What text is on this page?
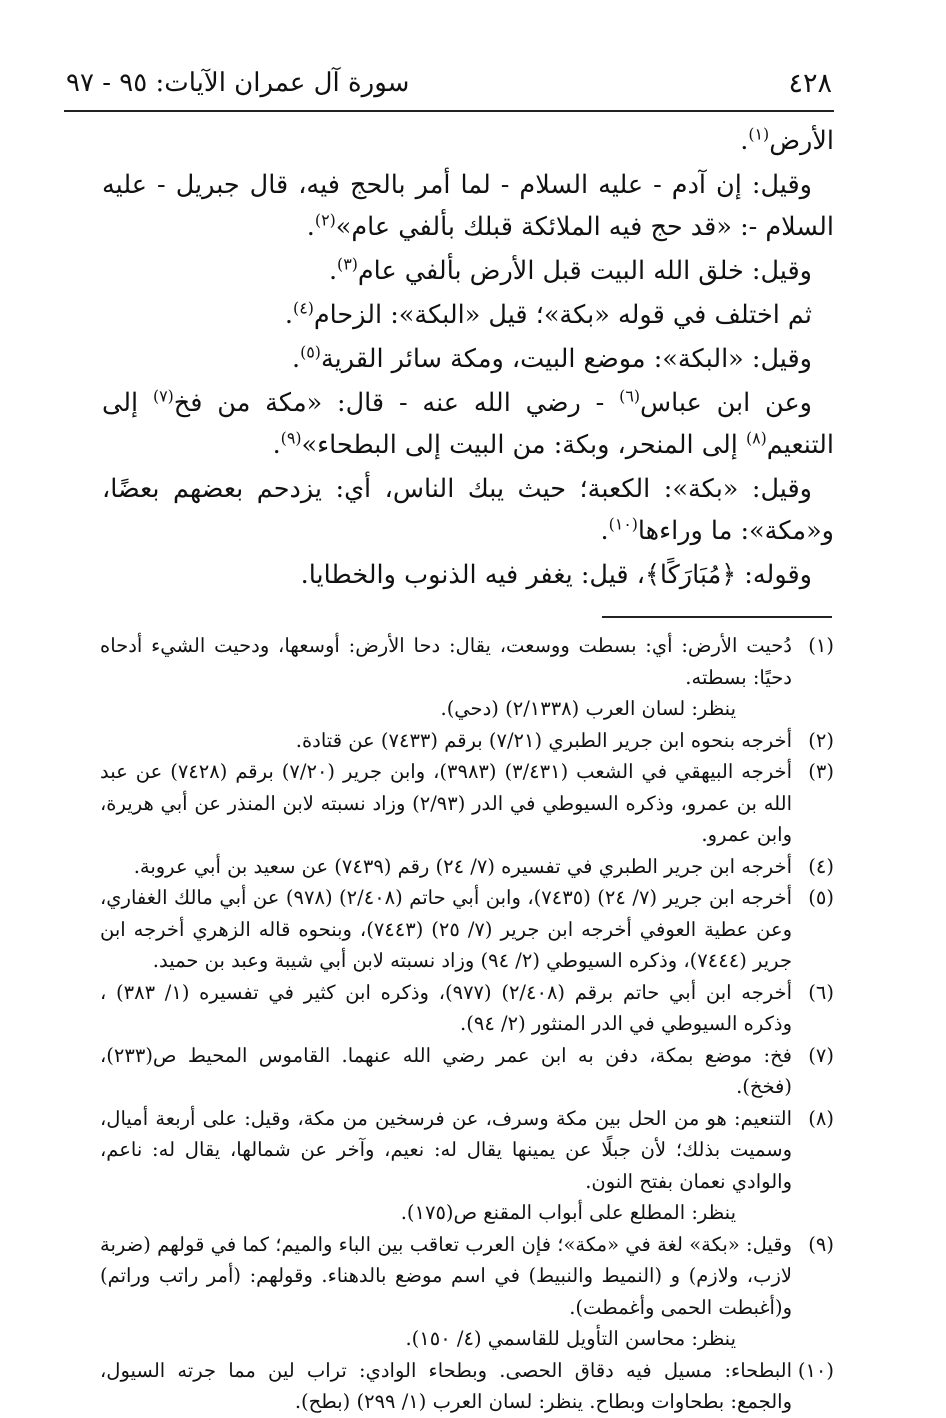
٤٢٨
سورة آل عمران الآيات: ٩٥ - ٩٧

الأرض$^{(١)}$.

وقيل: إن آدم - عليه السلام - لما أمر بالحج فيه، قال جبريل - عليه السلام -: «قد حج فيه الملائكة قبلك بألفي عام»$^{(٢)}$.

وقيل: خلق الله البيت قبل الأرض بألفي عام$^{(٣)}$.

ثم اختلف في قوله «بكة»؛ قيل «البكة»: الزحام$^{(٤)}$.

وقيل: «البكة»: موضع البيت، ومكة سائر القرية$^{(٥)}$.

وعن ابن عباس$^{(٦)}$ - رضي الله عنه - قال: «مكة من فخ$^{(٧)}$ إلى التنعيم$^{(٨)}$ إلى المنحر، وبكة: من البيت إلى البطحاء»$^{(٩)}$.

وقيل: «بكة»: الكعبة؛ حيث يبك الناس، أي: يزدحم بعضهم بعضًا، و«مكة»: ما وراءها$^{(١٠)}$.

وقوله: ﴿مُبَارَكًا﴾، قيل: يغفر فيه الذنوب والخطايا.

(١)
دُحيت الأرض: أي: بسطت ووسعت، يقال: دحا الأرض: أوسعها، ودحيت الشيء أدحاه دحيًا: بسطته.
ينظر: لسان العرب (٢/١٣٣٨) (دحي).
(٢)
أخرجه بنحوه ابن جرير الطبري (٧/٢١) برقم (٧٤٣٣) عن قتادة.
(٣)
أخرجه البيهقي في الشعب (٣/٤٣١) (٣٩٨٣)، وابن جرير (٧/٢٠) برقم (٧٤٢٨) عن عبد الله بن عمرو، وذكره السيوطي في الدر (٢/٩٣) وزاد نسبته لابن المنذر عن أبي هريرة، وابن عمرو.
(٤)
أخرجه ابن جرير الطبري في تفسيره (٧/ ٢٤) رقم (٧٤٣٩) عن سعيد بن أبي عروبة.
(٥)
أخرجه ابن جرير (٧/ ٢٤) (٧٤٣٥)، وابن أبي حاتم (٢/٤٠٨) (٩٧٨) عن أبي مالك الغفاري، وعن عطية العوفي أخرجه ابن جرير (٧/ ٢٥) (٧٤٤٣)، وبنحوه قاله الزهري أخرجه ابن جرير (٧٤٤٤)، وذكره السيوطي (٢/ ٩٤) وزاد نسبته لابن أبي شيبة وعبد بن حميد.
(٦)
أخرجه ابن أبي حاتم برقم (٢/٤٠٨) (٩٧٧)، وذكره ابن كثير في تفسيره (١/ ٣٨٣) ، وذكره السيوطي في الدر المنثور (٢/ ٩٤).
(٧)
فخ: موضع بمكة، دفن به ابن عمر رضي الله عنهما. القاموس المحيط ص(٢٣٣)، (فخخ).
(٨)
التنعيم: هو من الحل بين مكة وسرف، عن فرسخين من مكة، وقيل: على أربعة أميال، وسميت بذلك؛ لأن جبلًا عن يمينها يقال له: نعيم، وآخر عن شمالها، يقال له: ناعم، والوادي نعمان بفتح النون.
ينظر: المطلع على أبواب المقنع ص(١٧٥).
(٩)
وقيل: «بكة» لغة في «مكة»؛ فإن العرب تعاقب بين الباء والميم؛ كما في قولهم (ضربة لازب، ولازم) و (النميط والنبيط) في اسم موضع بالدهناء. وقولهم: (أمر راتب وراتم) و(أغبطت الحمى وأغمطت).
ينظر: محاسن التأويل للقاسمي (٤/ ١٥٠).
(١٠)
البطحاء: مسيل فيه دقاق الحصى. وبطحاء الوادي: تراب لين مما جرته السيول، والجمع: بطحاوات وبطاح. ينظر: لسان العرب (١/ ٢٩٩) (بطح).
